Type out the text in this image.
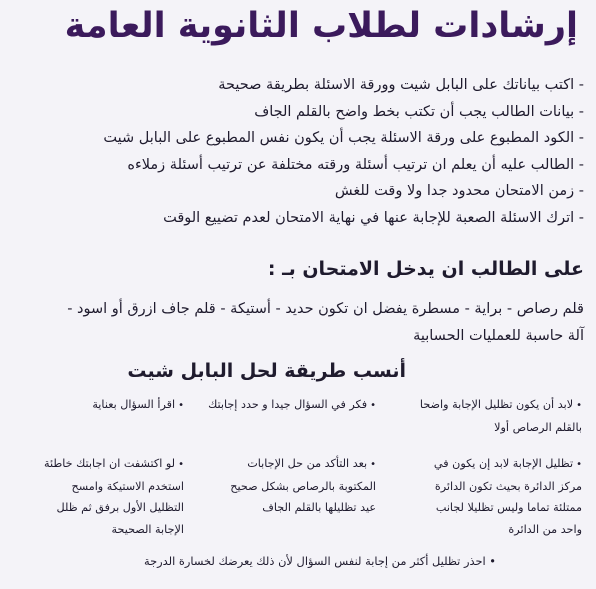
إرشادات لطلاب الثانوية العامة
- اكتب بياناتك على البابل شيت وورقة الاسئلة بطريقة صحيحة
- بيانات الطالب يجب أن تكتب بخط واضح بالقلم الجاف
- الكود المطبوع على ورقة الاسئلة يجب أن يكون نفس المطبوع على البابل شيت
- الطالب عليه أن يعلم ان ترتيب أسئلة ورقته مختلفة عن ترتيب أسئلة زملاءه
- زمن الامتحان محدود جدا ولا وقت للغش
- اترك الاسئلة الصعبة للإجابة عنها في نهاية الامتحان لعدم تضييع الوقت
على الطالب ان يدخل الامتحان بـ :
قلم رصاص - براية - مسطرة يفضل ان تكون حديد - أستيكة - قلم جاف ازرق أو اسود -
آلة حاسبة للعمليات الحسابية
أنسب طريقة لحل البابل شيت
•اقرأ السؤال بعناية	•فكر في السؤال جيدا و حدد إجابتك	•لابد أن يكون تظليل الإجابة واضحا
بالقلم الرصاص أولا
•لو اكتشفت ان اجابتك خاطئة
استخدم الاستيكة وامسح
التظليل الأول برفق ثم ظلل
الإجابة الصحيحة
•بعد التأكد من حل الإجابات
المكتوبة بالرصاص بشكل صحيح
عيد تظليلها بالقلم الجاف
•تظليل الإجابة لابد إن يكون في
مركز الدائرة بحيث تكون الدائرة
ممتلئة تماما وليس تظليلا لجانب
واحد من الدائرة
• احذر تظليل أكثر من إجابة لنفس السؤال لأن ذلك يعرضك لخسارة الدرجة
